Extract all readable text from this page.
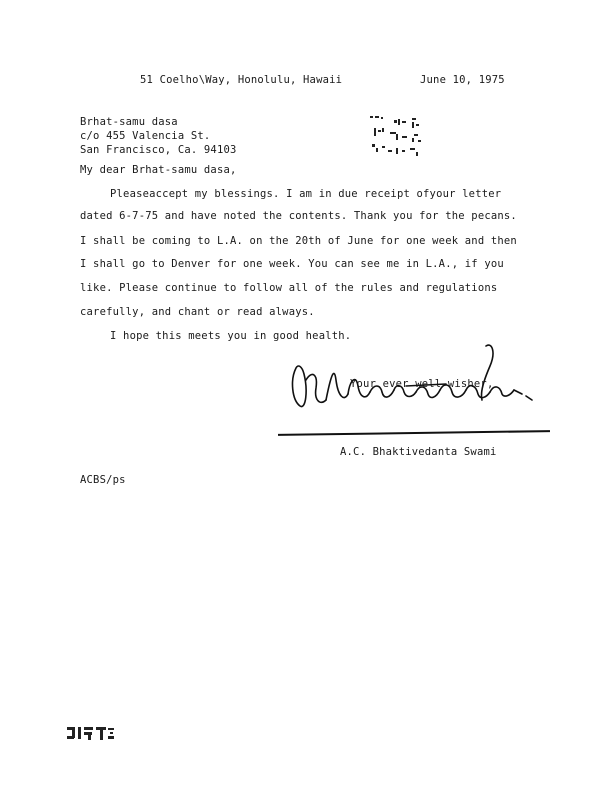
51 Coelho\Way, Honolulu, Hawaii	June 10, 1975
Brhat-samu dasa
c/o 455 Valencia St.
San Francisco, Ca. 94103
My dear Brhat-samu dasa,
Pleaseaccept my blessings. I am in due receipt ofyour letter
dated 6-7-75 and have noted the contents. Thank you for the pecans.
I shall be coming to L.A. on the 20th of June for one week and then
I shall go to Denver for one week. You can see me in L.A., if you
like. Please continue to follow all of the rules and regulations
carefully, and chant or read always.
I hope this meets you in good health.
Your ever well-wisher,
A.C. Bhaktivedanta Swami
ACBS/ps
